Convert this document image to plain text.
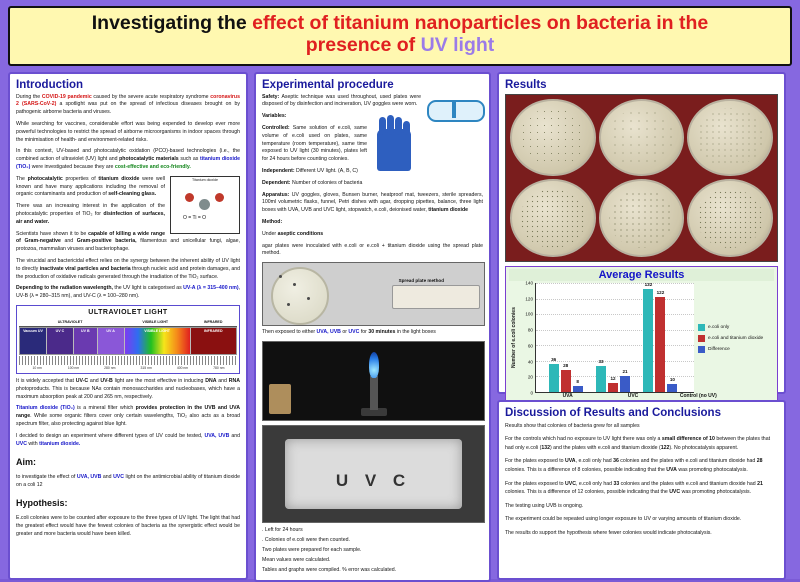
Investigating the effect of titanium nanoparticles on bacteria in the
presence of UV light
Introduction

During the COVID-19 pandemic caused by the severe acute respiratory syndrome coronavirus 2 (SARS-CoV-2) a spotlight was put on the spread of infectious diseases brought on by pathogenic airborne bacteria and viruses.

While searching for vaccines, considerable effort was being expended to develop ever more powerful technologies to restrict the spread of airborne microorganisms in indoor spaces through the minimisation of health- and environment-related risks.

In this context, UV-based and photocatalytic oxidation (PCO)-based technologies (i.e., the combined action of ultraviolet (UV) light and photocatalytic materials such as titanium dioxide (TiO₂) were investigated because they are cost-effective and eco-friendly.

Titanium dioxide
O = Ti = O

The photocatalytic properties of titanium dioxide were well known and have many applications including the removal of organic contaminants and production of self-cleaning glass.

There was an increasing interest in the application of the photocatalytic properties of TiO₂ for disinfection of surfaces, air and water.

Scientists have shown it to be capable of killing a wide range of Gram-negative and Gram-positive bacteria, filamentous and unicellular fungi, algae, protozoa, mammalian viruses and bacteriophage.

The virucidal and bactericidal effect relies on the synergy between the inherent ability of UV light to directly inactivate viral particles and bacteria through nucleic acid and protein damages, and the production of oxidative radicals generated through the irradiation of the TiO₂ surface.

Depending to the radiation wavelength, the UV light is categorised as UV-A (λ = 315–400 nm), UV-B (λ = 280–315 nm), and UV-C (λ = 100–280 nm).

ULTRAVIOLET LIGHT
ULTRAVIOLET	VISIBLE LIGHT	INFRARED
Vacuum UV	UV C	UV B	UV A	VISIBLE LIGHT	INFRARED
10 nm	100 nm	280 nm	315 nm	400 nm	780 nm

It is widely accepted that UV-C and UV-B light are the most effective in inducing DNA and RNA photoproducts. This is because NAs contain monosaccharides and nucleobases, which have a maximum absorption peak at 200 and 265 nm, respectively.

Titanium dioxide (TiO₂) is a mineral filter which provides protection in the UVB and UVA range. While some organic filters cover only certain wavelengths, TiO₂ also acts as a broad spectrum filter, also protecting against blue light.

I decided to design an experiment where different types of UV could be tested, UVA, UVB and UVC with titanium dioxide.

Aim:

to investigate the effect of UVA, UVB and UVC light on the antimicrobial ability of titanium dioxide on a coli 12

Hypothesis:

E.coli colonies were to be counted after exposure to the three types of UV light. The light that had the greatest effect would have the fewest colonies of bacteria as the synergistic effect would be greater and more bacteria would have been killed.

Experimental procedure

Safety: Aseptic technique was used throughout, used plates were disposed of by disinfection and incineration, UV goggles were worn.

Variables:

Controlled: Same solution of e.coli, same volume of e.coli used on plates, same temperature (room temperature), same time exposed to UV light (30 minutes), plates left for 24 hours before counting colonies.

Independent: Different UV light. (A, B, C)

Dependent: Number of colonies of bacteria

Apparatus: UV goggles, gloves, Bunsen burner, heatproof mat, tweezers, sterile spreaders, 100ml volumetric flasks, funnel, Petri dishes with agar, dropping pipettes, balance, three light boxes with UVA, UVB and UVC light, stopwatch, e.coli, deionised water, titanium dioxide

Method:

Under aseptic conditions

agar plates were inoculated with e.coli or e.coli + titanium dioxide using the spread plate method.

Spread plate method

Then exposed to either UVA, UVB or UVC for 30 minutes in the light boxes

U V C
. Left for 24 hours
. Colonies of e.coli were then counted.
Two plates were prepared for each sample.
Mean values were calculated.
Tables and graphs were compiled. % error was calculated.
Results
Average Results
Number of e.coli colonies
140
120
100
80
60
40
20
0
36
28
8
33
12
21
132
122
10
e.coli only
e.coli and titanium dioxide
Difference
UVA	UVC	Control (no UV)
Discussion of Results and Conclusions

Results show that colonies of bacteria grew for all samples

For the controls which had no exposure to UV light there was only a small difference of 10 between the plates that had only e.coli (132) and the plates with e.coli and titanium dioxide (122). No photocatalysis apparent.

For the plates exposed to UVA, e.coli only had 36 colonies and the plates with e.coli and titanium dioxide had 28 colonies. This is a difference of 8 colonies, possible indicating that the UVA was promoting photocatalysis.

For the plates exposed to UVC, e.coli only had 33 colonies and the plates with e.coli and titanium dioxide had 21 colonies. This is a difference of 12 colonies, possible indicating that the UVC was promoting photocatalysis.

The testing using UVB is ongoing.

The experiment could be repeated using longer exposure to UV or varying amounts of titanium dioxide.

The results do support the hypothesis where fewer colonies would indicate photocatalysis.
